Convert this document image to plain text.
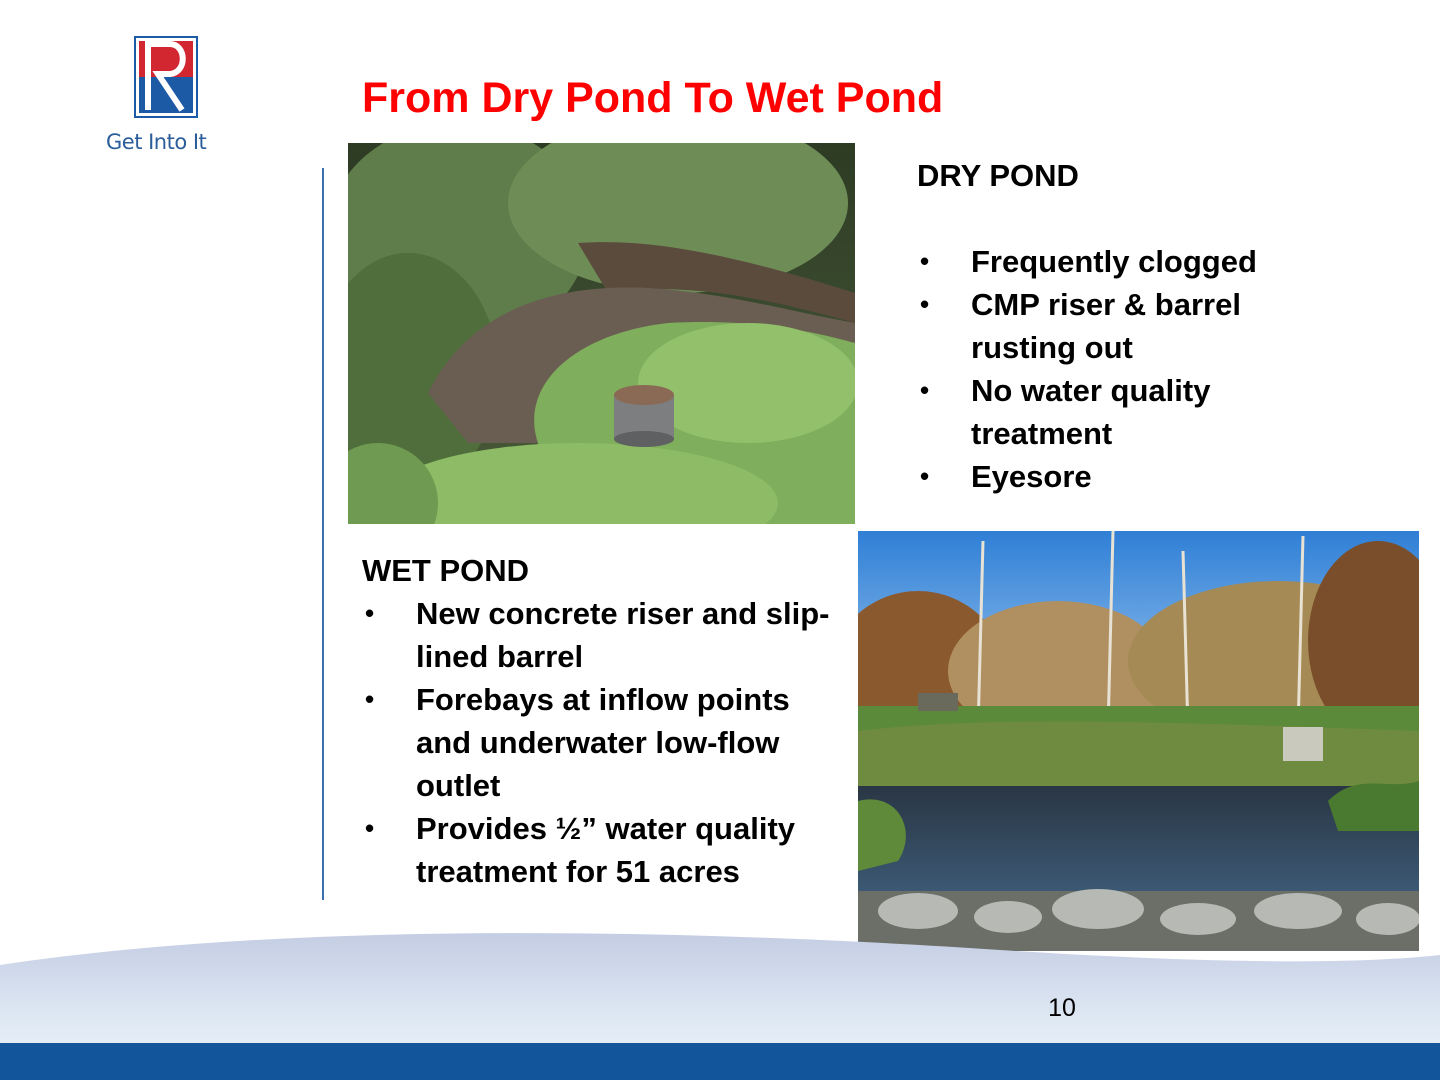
Get Into It
From Dry Pond To Wet Pond
DRY POND
• Frequently clogged
• CMP riser & barrel rusting out
• No water quality treatment
• Eyesore
WET POND
• New concrete riser and slip-lined barrel
• Forebays at inflow points and underwater low-flow outlet
• Provides ½” water quality treatment for 51 acres
10
